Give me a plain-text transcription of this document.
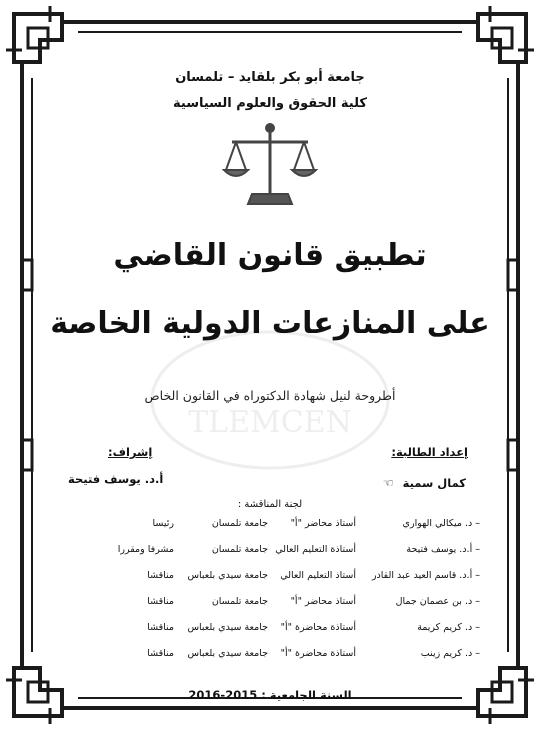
جامعة أبو بكر بلقايد – تلمسان
كلية الحقوق والعلوم السياسية
TLEMCEN
تطبيق قانون القاضي
على المنازعات الدولية الخاصة
أطروحة لنيل شهادة الدكتوراه في القانون الخاص
إعداد الطالبة:
كمال سمية ☜
إشراف:
أ.د. يوسف فتيحة
لجنة المناقشة :
– د. ميكالي الهواري
أستاذ محاضر "أ"
جامعة تلمسان
رئيسا
– أ.د. يوسف فتيحة
أستاذة التعليم العالي
جامعة تلمسان
مشرفا ومقررا
– أ.د. قاسم العيد عبد القادر
أستاذ التعليم العالي
جامعة سيدي بلعباس
مناقشا
– د. بن عصمان جمال
أستاذ محاضر "أ"
جامعة تلمسان
مناقشا
– د. كريم كريمة
أستاذة محاضرة "أ"
جامعة سيدي بلعباس
مناقشا
– د. كريم زينب
أستاذة محاضرة "أ"
جامعة سيدي بلعباس
مناقشا
السنة الجامعية : 2015-2016
